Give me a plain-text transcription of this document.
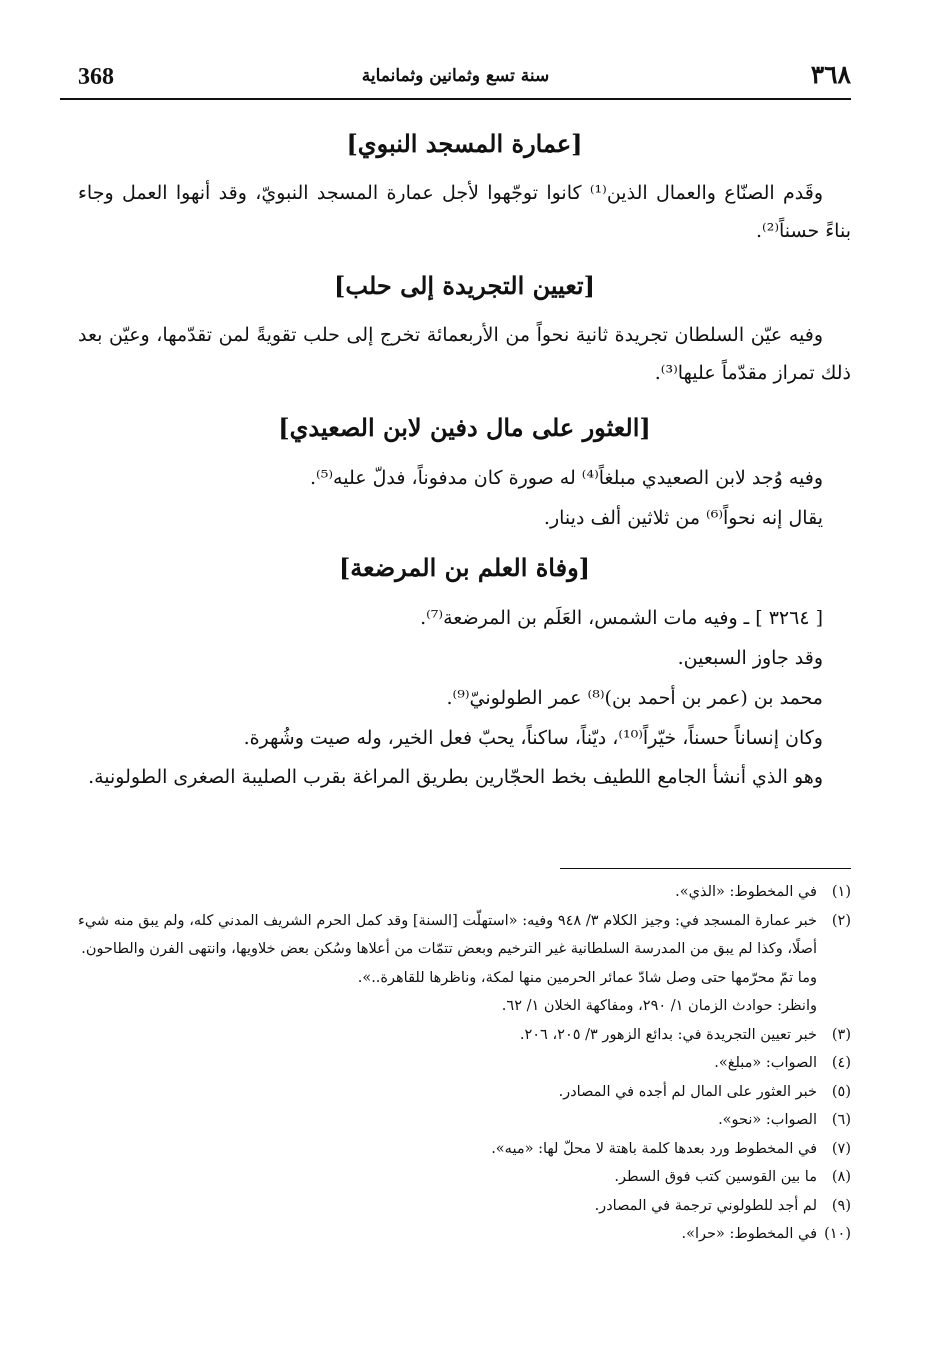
368	سنة تسع وثمانين وثمانماية	٣٦٨
[عمارة المسجد النبوي]

وقَدم الصنّاع والعمال الذين⁽¹⁾ كانوا توجّهوا لأجل عمارة المسجد النبويّ، وقد أنهوا العمل وجاء بناءً حسناً⁽²⁾.

[تعيين التجريدة إلى حلب]

وفيه عيّن السلطان تجريدة ثانية نحواً من الأربعمائة تخرج إلى حلب تقويةً لمن تقدّمها، وعيّن بعد ذلك تمراز مقدّماً عليها⁽³⁾.

[العثور على مال دفين لابن الصعيدي]

وفيه وُجد لابن الصعيدي مبلغاً⁽⁴⁾ له صورة كان مدفوناً، فدلّ عليه⁽⁵⁾.

يقال إنه نحواً⁽⁶⁾ من ثلاثين ألف دينار.

[وفاة العلم بن المرضعة]

[ ٣٢٦٤ ] ـ وفيه مات الشمس، العَلَم بن المرضعة⁽⁷⁾.

وقد جاوز السبعين.

محمد بن (عمر بن أحمد بن)⁽⁸⁾ عمر الطولونيّ⁽⁹⁾.

وكان إنساناً حسناً، خيّراً⁽¹⁰⁾، ديّناً، ساكناً، يحبّ فعل الخير، وله صيت وشُهرة.

وهو الذي أنشأ الجامع اللطيف بخط الحجّارين بطريق المراغة بقرب الصليبة الصغرى الطولونية.

(١)
في المخطوط: «الذي».
(٢)
خبر عمارة المسجد في: وجيز الكلام ٣/ ٩٤٨ وفيه: «استهلّت [السنة] وقد كمل الحرم الشريف المدني كله، ولم يبق منه شيء أصلًا، وكذا لم يبق من المدرسة السلطانية غير الترخيم وبعض تتمّات من أعلاها وسُكن بعض خلاويها، وانتهى الفرن والطاحون.
وما تمّ محرّمها حتى وصل شادّ عمائر الحرمين منها لمكة، وناظرها للقاهرة..».
وانظر: حوادث الزمان ١/ ٢٩٠، ومفاكهة الخلان ١/ ٦٢.
(٣)
خبر تعيين التجريدة في: بدائع الزهور ٣/ ٢٠٥، ٢٠٦.
(٤)
الصواب: «مبلغ».
(٥)
خبر العثور على المال لم أجده في المصادر.
(٦)
الصواب: «نحو».
(٧)
في المخطوط ورد بعدها كلمة باهتة لا محلّ لها: «ميه».
(٨)
ما بين القوسين كتب فوق السطر.
(٩)
لم أجد للطولوني ترجمة في المصادر.
(١٠)
في المخطوط: «حرا».
